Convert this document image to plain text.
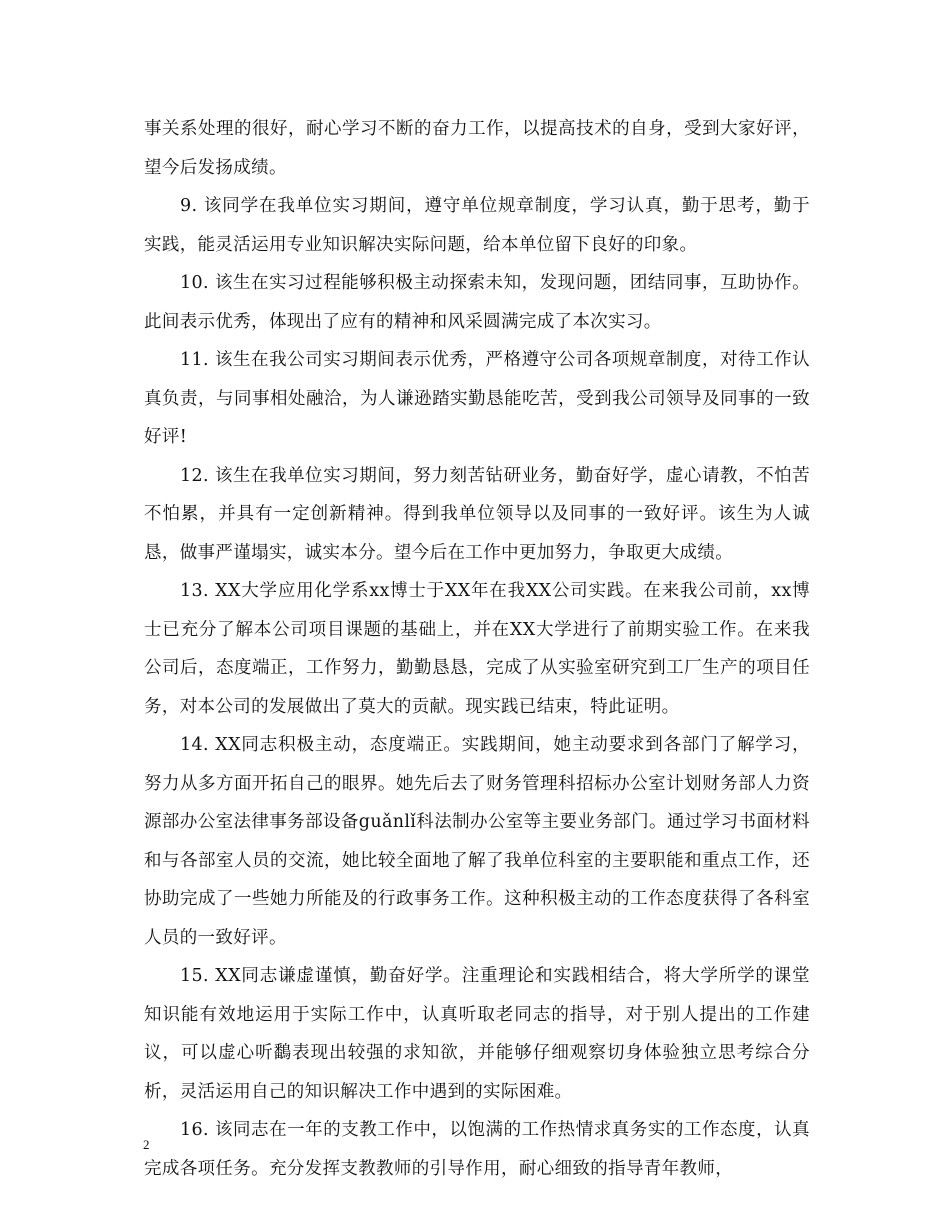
事关系处理的很好，耐心学习不断的奋力工作，以提高技术的自身，受到大家好评，望今后发扬成绩。

9. 该同学在我单位实习期间，遵守单位规章制度，学习认真，勤于思考，勤于实践，能灵活运用专业知识解决实际问题，给本单位留下良好的印象。

10. 该生在实习过程能够积极主动探索未知，发现问题，团结同事，互助协作。此间表示优秀，体现出了应有的精神和风采圆满完成了本次实习。

11. 该生在我公司实习期间表示优秀，严格遵守公司各项规章制度，对待工作认真负责，与同事相处融洽，为人谦逊踏实勤恳能吃苦，受到我公司领导及同事的一致好评!

12. 该生在我单位实习期间，努力刻苦钻研业务，勤奋好学，虚心请教，不怕苦不怕累，并具有一定创新精神。得到我单位领导以及同事的一致好评。该生为人诚恳，做事严谨塌实，诚实本分。望今后在工作中更加努力，争取更大成绩。

13. XX大学应用化学系xx博士于XX年在我XX公司实践。在来我公司前，xx博士已充分了解本公司项目课题的基础上，并在XX大学进行了前期实验工作。在来我公司后，态度端正，工作努力，勤勤恳恳，完成了从实验室研究到工厂生产的项目任务，对本公司的发展做出了莫大的贡献。现实践已结束，特此证明。

14. XX同志积极主动，态度端正。实践期间，她主动要求到各部门了解学习，努力从多方面开拓自己的眼界。她先后去了财务管理科招标办公室计划财务部人力资源部办公室法律事务部设备guǎnlǐ科法制办公室等主要业务部门。通过学习书面材料和与各部室人员的交流，她比较全面地了解了我单位科室的主要职能和重点工作，还协助完成了一些她力所能及的行政事务工作。这种积极主动的工作态度获得了各科室人员的一致好评。

15. XX同志谦虚谨慎，勤奋好学。注重理论和实践相结合，将大学所学的课堂知识能有效地运用于实际工作中，认真听取老同志的指导，对于别人提出的工作建议，可以虚心听鷭表现出较强的求知欲，并能够仔细观察切身体验独立思考综合分析，灵活运用自己的知识解决工作中遇到的实际困难。

16. 该同志在一年的支教工作中，以饱满的工作热情求真务实的工作态度，认真完成各项任务。充分发挥支教教师的引导作用，耐心细致的指导青年教师，

2
